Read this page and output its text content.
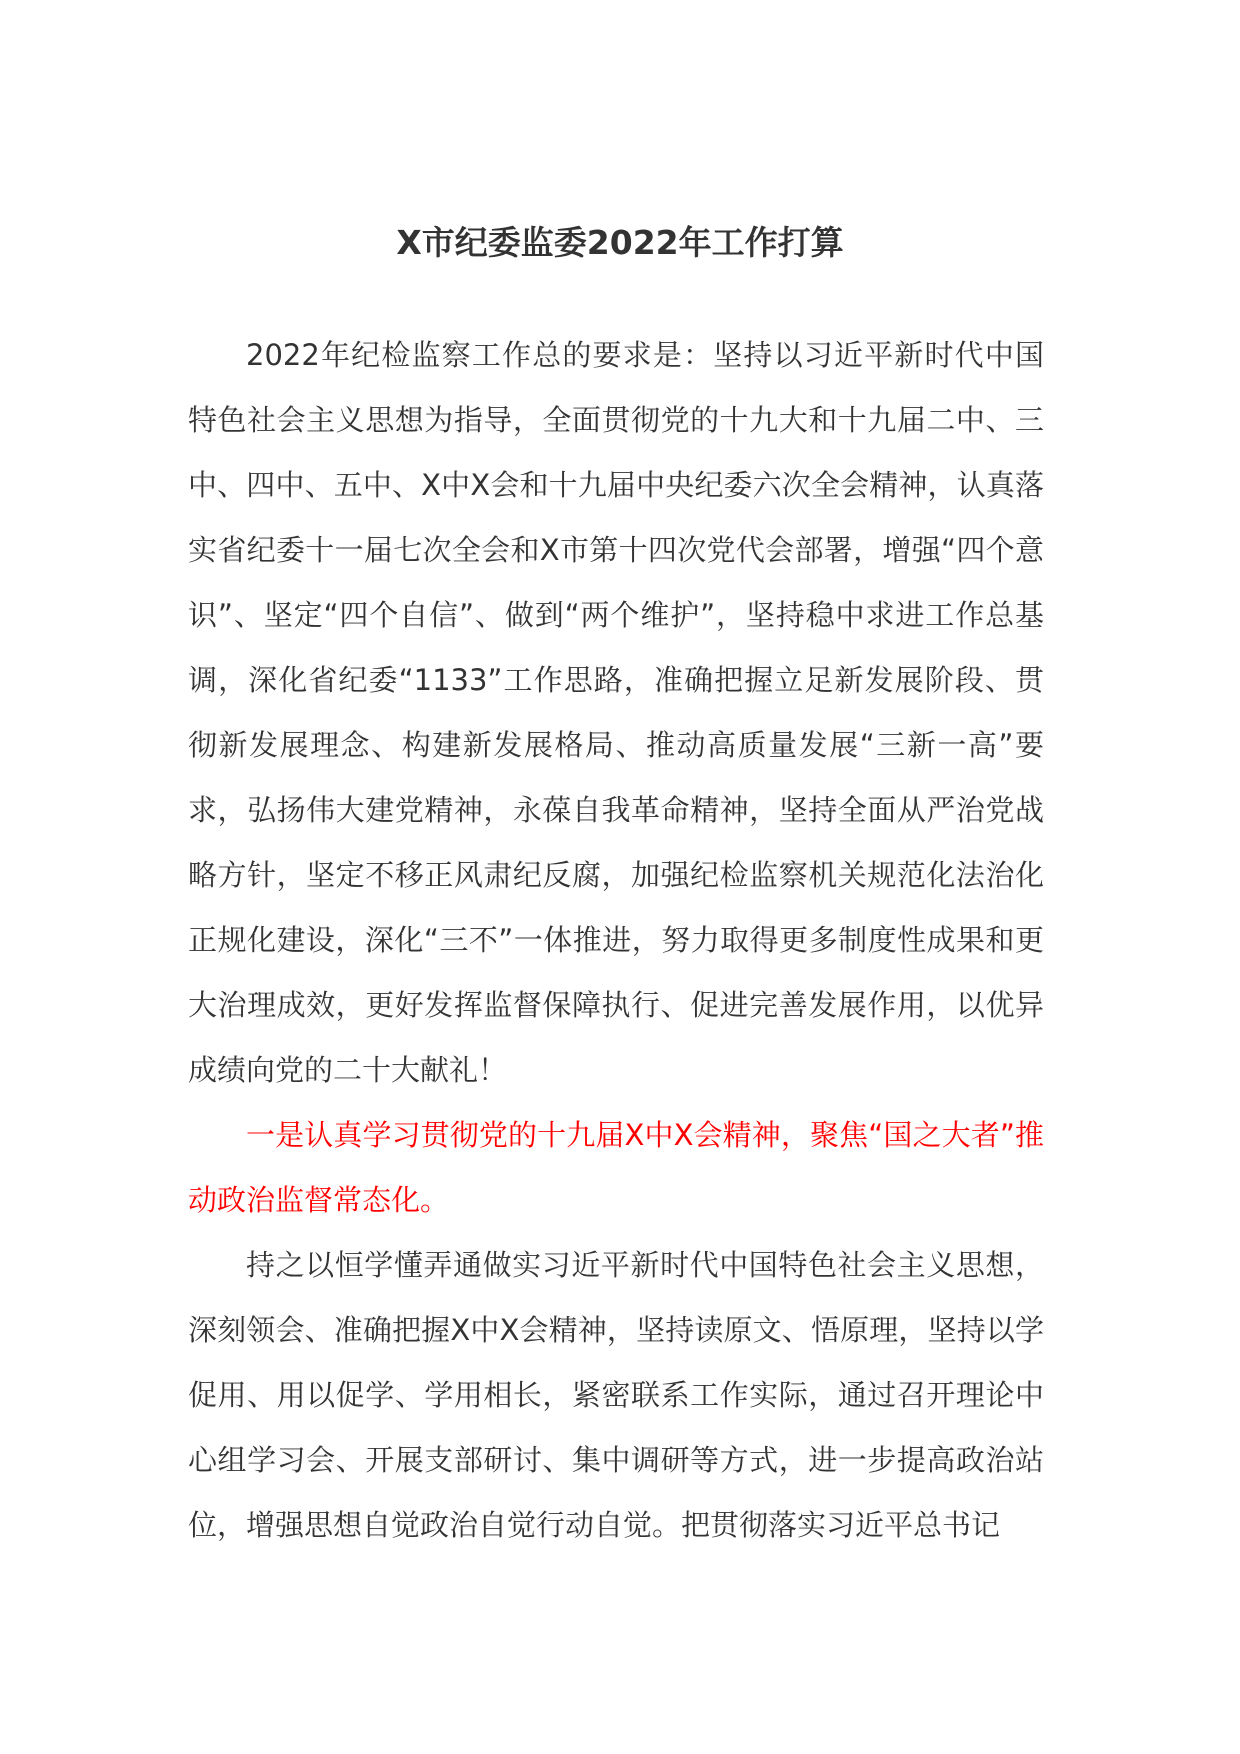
X市纪委监委2022年工作打算

2022年纪检监察工作总的要求是：坚持以习近平新时代中国特色社会主义思想为指导，全面贯彻党的十九大和十九届二中、三中、四中、五中、X中X会和十九届中央纪委六次全会精神，认真落实省纪委十一届七次全会和X市第十四次党代会部署，增强“四个意识”、坚定“四个自信”、做到“两个维护”，坚持稳中求进工作总基调，深化省纪委“1133”工作思路，准确把握立足新发展阶段、贯彻新发展理念、构建新发展格局、推动高质量发展“三新一高”要求，弘扬伟大建党精神，永葆自我革命精神，坚持全面从严治党战略方针，坚定不移正风肃纪反腐，加强纪检监察机关规范化法治化正规化建设，深化“三不”一体推进，努力取得更多制度性成果和更大治理成效，更好发挥监督保障执行、促进完善发展作用，以优异成绩向党的二十大献礼！

一是认真学习贯彻党的十九届X中X会精神，聚焦“国之大者”推动政治监督常态化。

持之以恒学懂弄通做实习近平新时代中国特色社会主义思想，深刻领会、准确把握X中X会精神，坚持读原文、悟原理，坚持以学促用、用以促学、学用相长，紧密联系工作实际，通过召开理论中心组学习会、开展支部研讨、集中调研等方式，进一步提高政治站位，增强思想自觉政治自觉行动自觉。把贯彻落实习近平总书记
